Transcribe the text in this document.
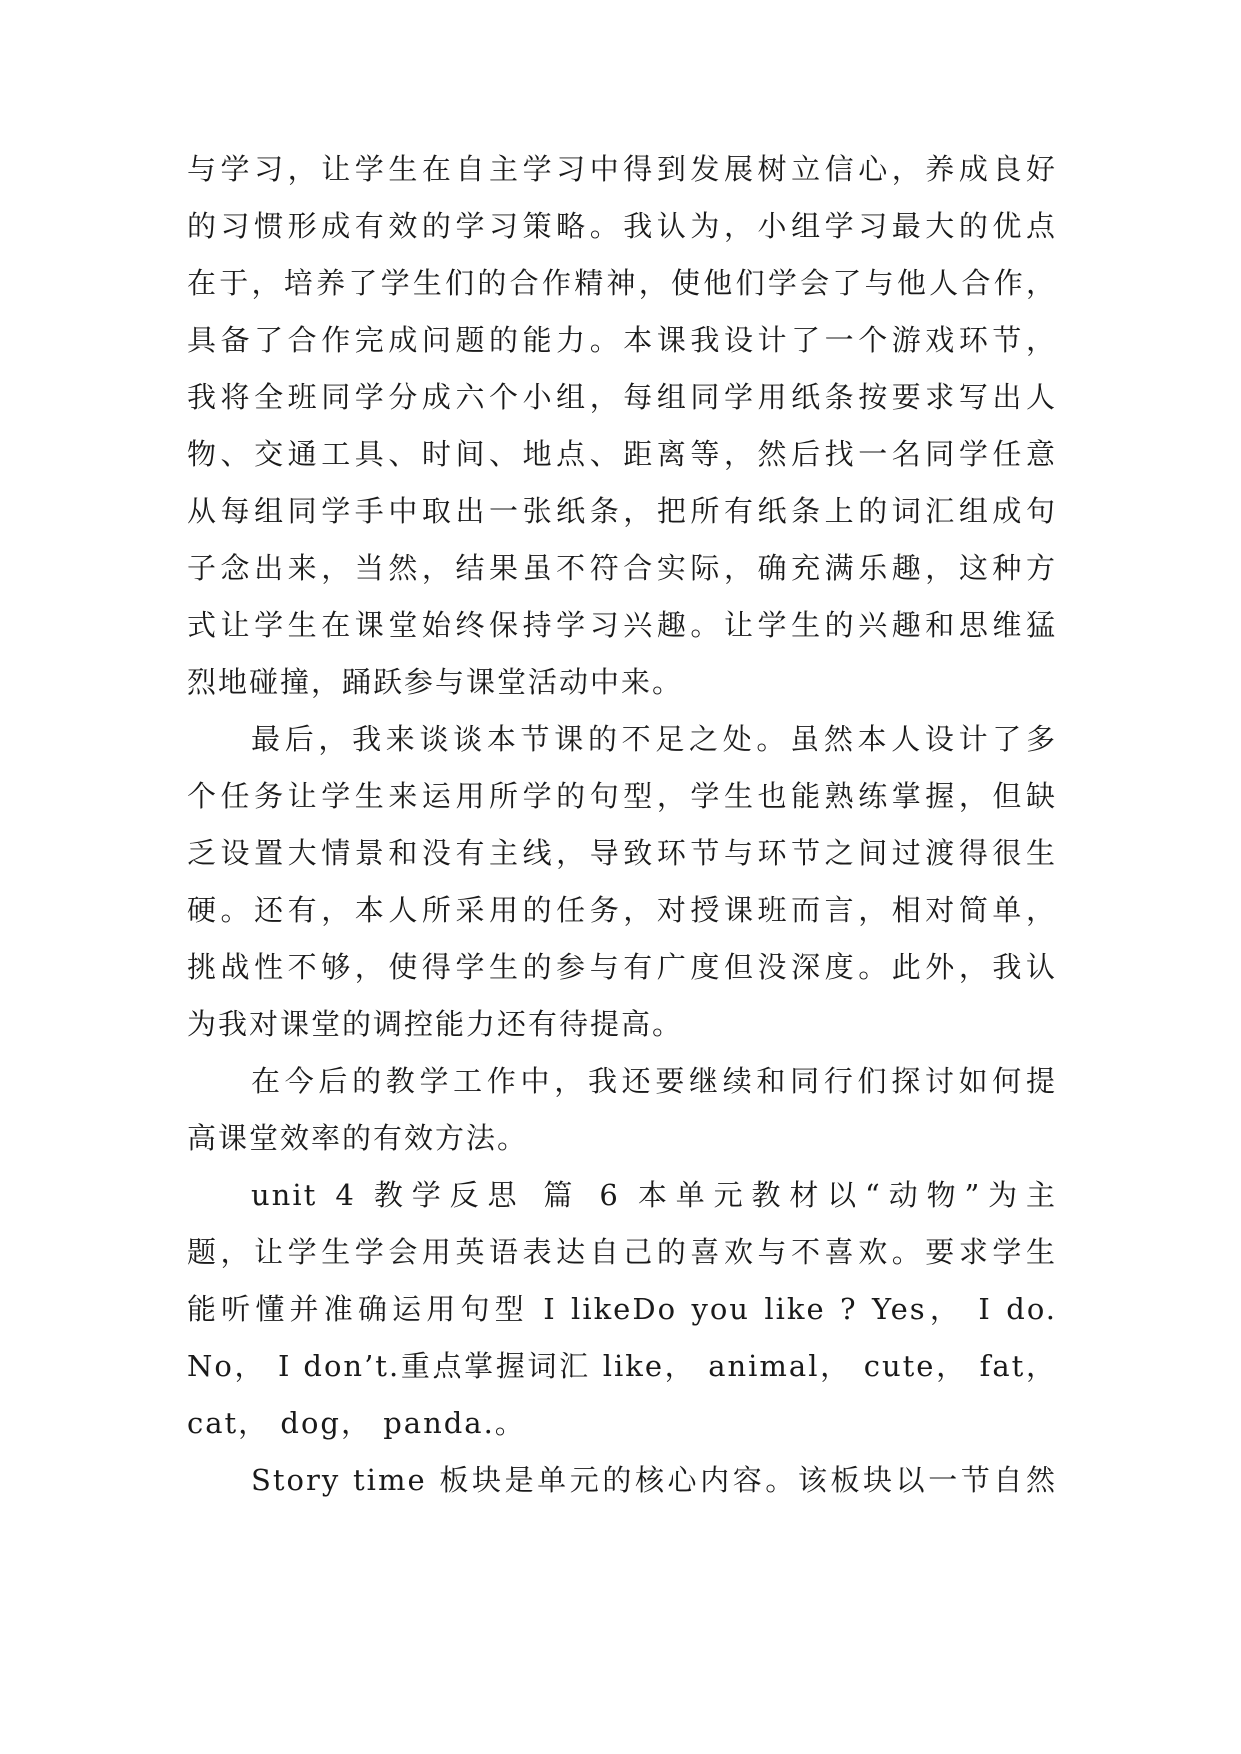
与学习，让学生在自主学习中得到发展树立信心，养成良好
的习惯形成有效的学习策略。我认为，小组学习最大的优点
在于，培养了学生们的合作精神，使他们学会了与他人合作，
具备了合作完成问题的能力。本课我设计了一个游戏环节，
我将全班同学分成六个小组，每组同学用纸条按要求写出人
物、交通工具、时间、地点、距离等，然后找一名同学任意
从每组同学手中取出一张纸条，把所有纸条上的词汇组成句
子念出来，当然，结果虽不符合实际，确充满乐趣，这种方
式让学生在课堂始终保持学习兴趣。让学生的兴趣和思维猛
烈地碰撞，踊跃参与课堂活动中来。
最后，我来谈谈本节课的不足之处。虽然本人设计了多
个任务让学生来运用所学的句型，学生也能熟练掌握，但缺
乏设置大情景和没有主线，导致环节与环节之间过渡得很生
硬。还有，本人所采用的任务，对授课班而言，相对简单，
挑战性不够，使得学生的参与有广度但没深度。此外，我认
为我对课堂的调控能力还有待提高。
在今后的教学工作中，我还要继续和同行们探讨如何提
高课堂效率的有效方法。
unit 4 教学反思 篇 6 本单元教材以“动物”为主
题，让学生学会用英语表达自己的喜欢与不喜欢。要求学生
能听懂并准确运用句型 I likeDo you like ? Yes， I do.
No， I don’t.重点掌握词汇 like， animal， cute， fat，
cat， dog， panda.。
Story time 板块是单元的核心内容。该板块以一节自然
